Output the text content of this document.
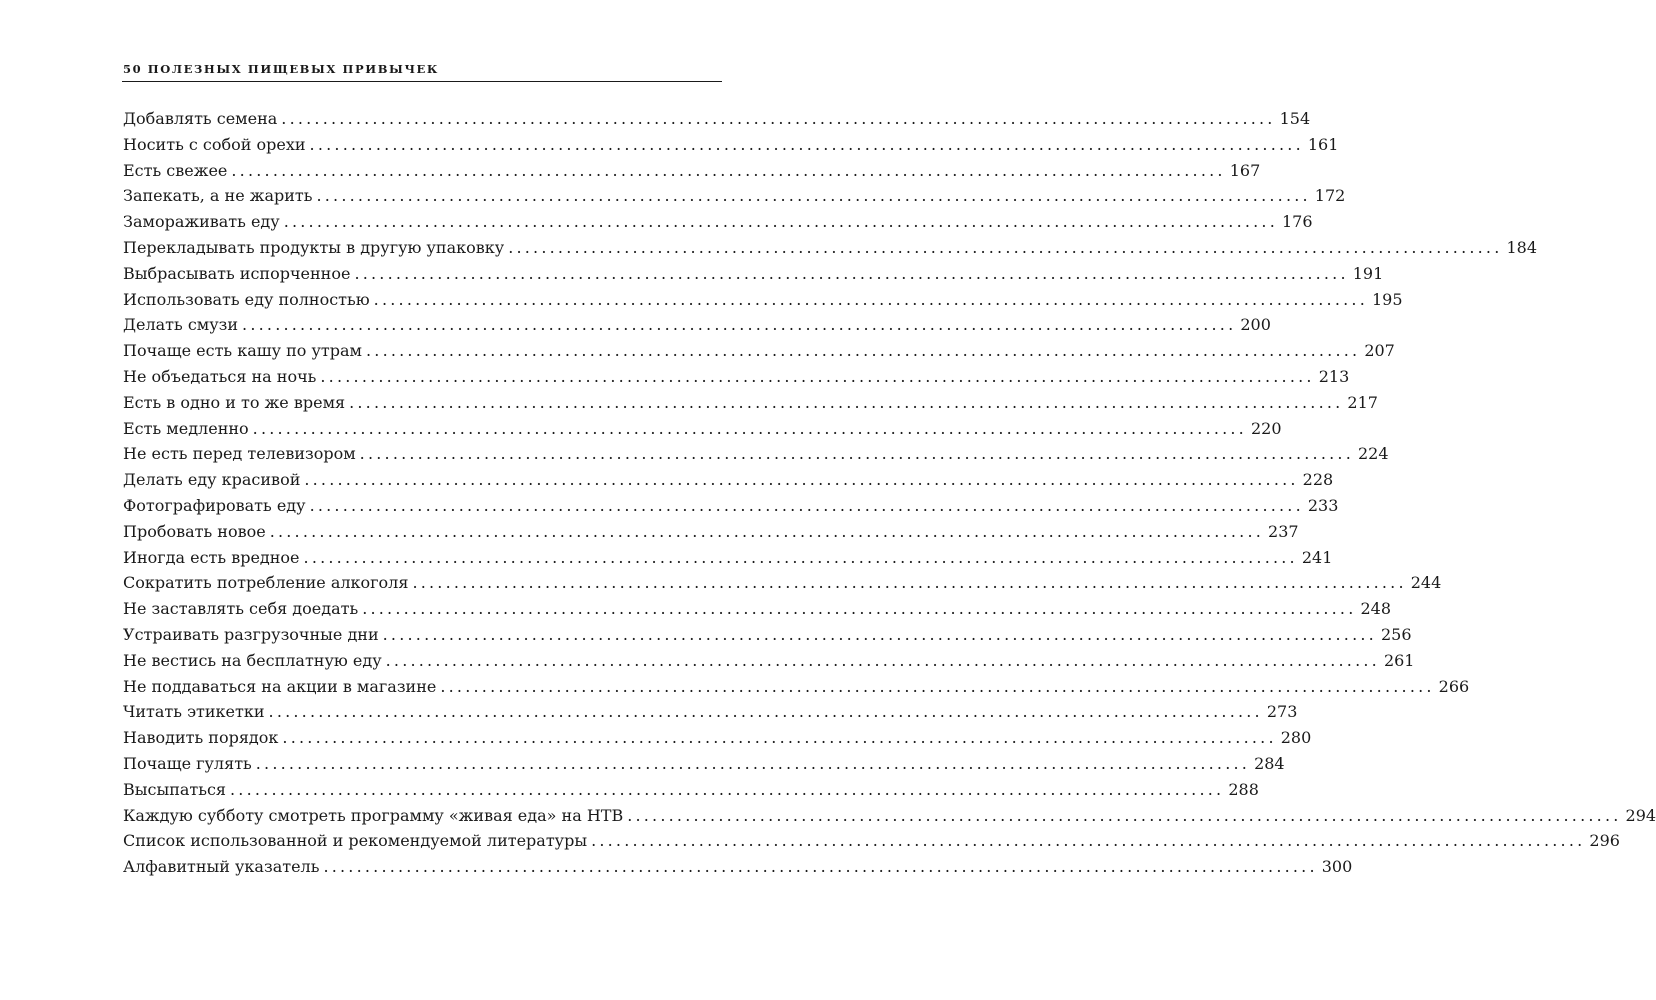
50 ПОЛЕЗНЫХ ПИЩЕВЫХ ПРИВЫЧЕК
Добавлять семена ........................................................................................................................ 154
Носить с собой орехи ........................................................................................................................ 161
Есть свежее ........................................................................................................................ 167
Запекать, а не жарить ........................................................................................................................ 172
Замораживать еду ........................................................................................................................ 176
Перекладывать продукты в другую упаковку ........................................................................................................................ 184
Выбрасывать испорченное ........................................................................................................................ 191
Использовать еду полностью ........................................................................................................................ 195
Делать смузи ........................................................................................................................ 200
Почаще есть кашу по утрам ........................................................................................................................ 207
Не объедаться на ночь ........................................................................................................................ 213
Есть в одно и то же время ........................................................................................................................ 217
Есть медленно ........................................................................................................................ 220
Не есть перед телевизором ........................................................................................................................ 224
Делать еду красивой ........................................................................................................................ 228
Фотографировать еду ........................................................................................................................ 233
Пробовать новое ........................................................................................................................ 237
Иногда есть вредное ........................................................................................................................ 241
Сократить потребление алкоголя ........................................................................................................................ 244
Не заставлять себя доедать ........................................................................................................................ 248
Устраивать разгрузочные дни ........................................................................................................................ 256
Не вестись на бесплатную еду ........................................................................................................................ 261
Не поддаваться на акции в магазине ........................................................................................................................ 266
Читать этикетки ........................................................................................................................ 273
Наводить порядок ........................................................................................................................ 280
Почаще гулять ........................................................................................................................ 284
Высыпаться ........................................................................................................................ 288
Каждую субботу смотреть программу «живая еда» на НТВ ........................................................................................................................ 294
Список использованной и рекомендуемой литературы ........................................................................................................................ 296
Алфавитный указатель ........................................................................................................................ 300
